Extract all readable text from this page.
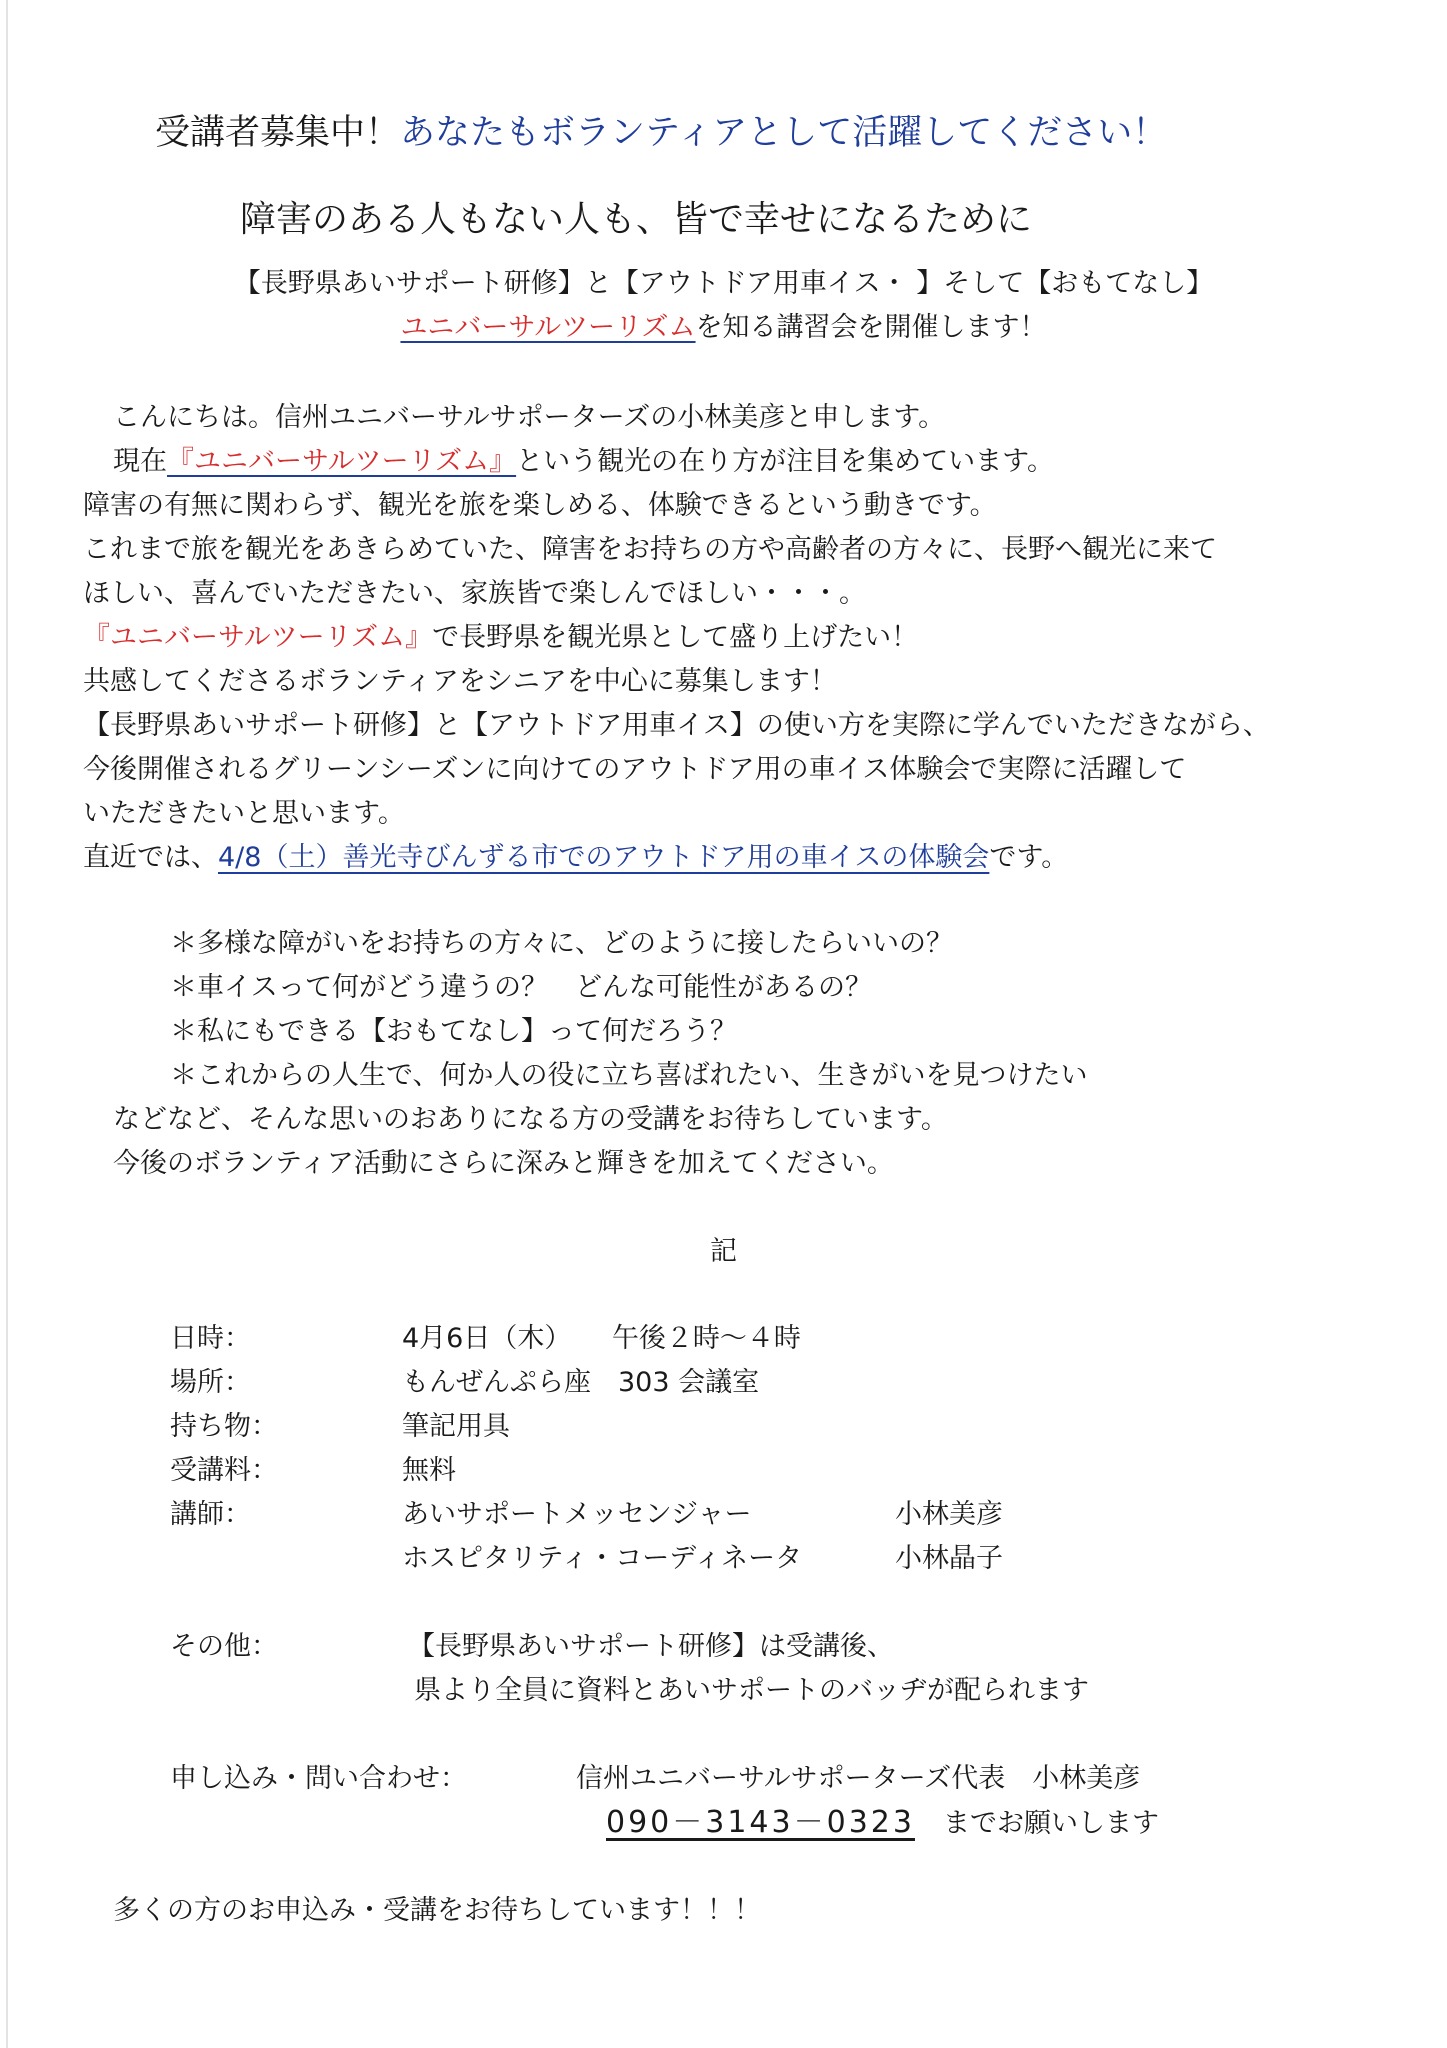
受講者募集中！あなたもボランティアとして活躍してください！
障害のある人もない人も、皆で幸せになるために
【長野県あいサポート研修】と【アウトドア用車イス・ 】そして【おもてなし】
ユニバーサルツーリズムを知る講習会を開催します！
こんにちは。信州ユニバーサルサポーターズの小林美彦と申します。
現在『ユニバーサルツーリズム』という観光の在り方が注目を集めています。
障害の有無に関わらず、観光を旅を楽しめる、体験できるという動きです。
これまで旅を観光をあきらめていた、障害をお持ちの方や高齢者の方々に、長野へ観光に来て
ほしい、喜んでいただきたい、家族皆で楽しんでほしい・・・。
『ユニバーサルツーリズム』で長野県を観光県として盛り上げたい！
共感してくださるボランティアをシニアを中心に募集します！
【長野県あいサポート研修】と【アウトドア用車イス】の使い方を実際に学んでいただきながら、
今後開催されるグリーンシーズンに向けてのアウトドア用の車イス体験会で実際に活躍して
いただきたいと思います。
直近では、4/8（土）善光寺びんずる市でのアウトドア用の車イスの体験会です。
＊多様な障がいをお持ちの方々に、どのように接したらいいの？
＊車イスって何がどう違うの？　どんな可能性があるの？
＊私にもできる【おもてなし】って何だろう？
＊これからの人生で、何か人の役に立ち喜ばれたい、生きがいを見つけたい
などなど、そんな思いのおありになる方の受講をお待ちしています。
今後のボランティア活動にさらに深みと輝きを加えてください。
記
日時：	4月6日（木）　　午後２時～４時
場所：	もんぜんぷら座　303 会議室
持ち物：	筆記用具
受講料：	無料
講師：	あいサポートメッセンジャー	小林美彦
ホスピタリティ・コーディネータ	小林晶子
その他：	【長野県あいサポート研修】は受講後、
県より全員に資料とあいサポートのバッヂが配られます
申し込み・問い合わせ：	信州ユニバーサルサポーターズ代表　小林美彦
090－3143－0323 までお願いします
多くの方のお申込み・受講をお待ちしています！！！
